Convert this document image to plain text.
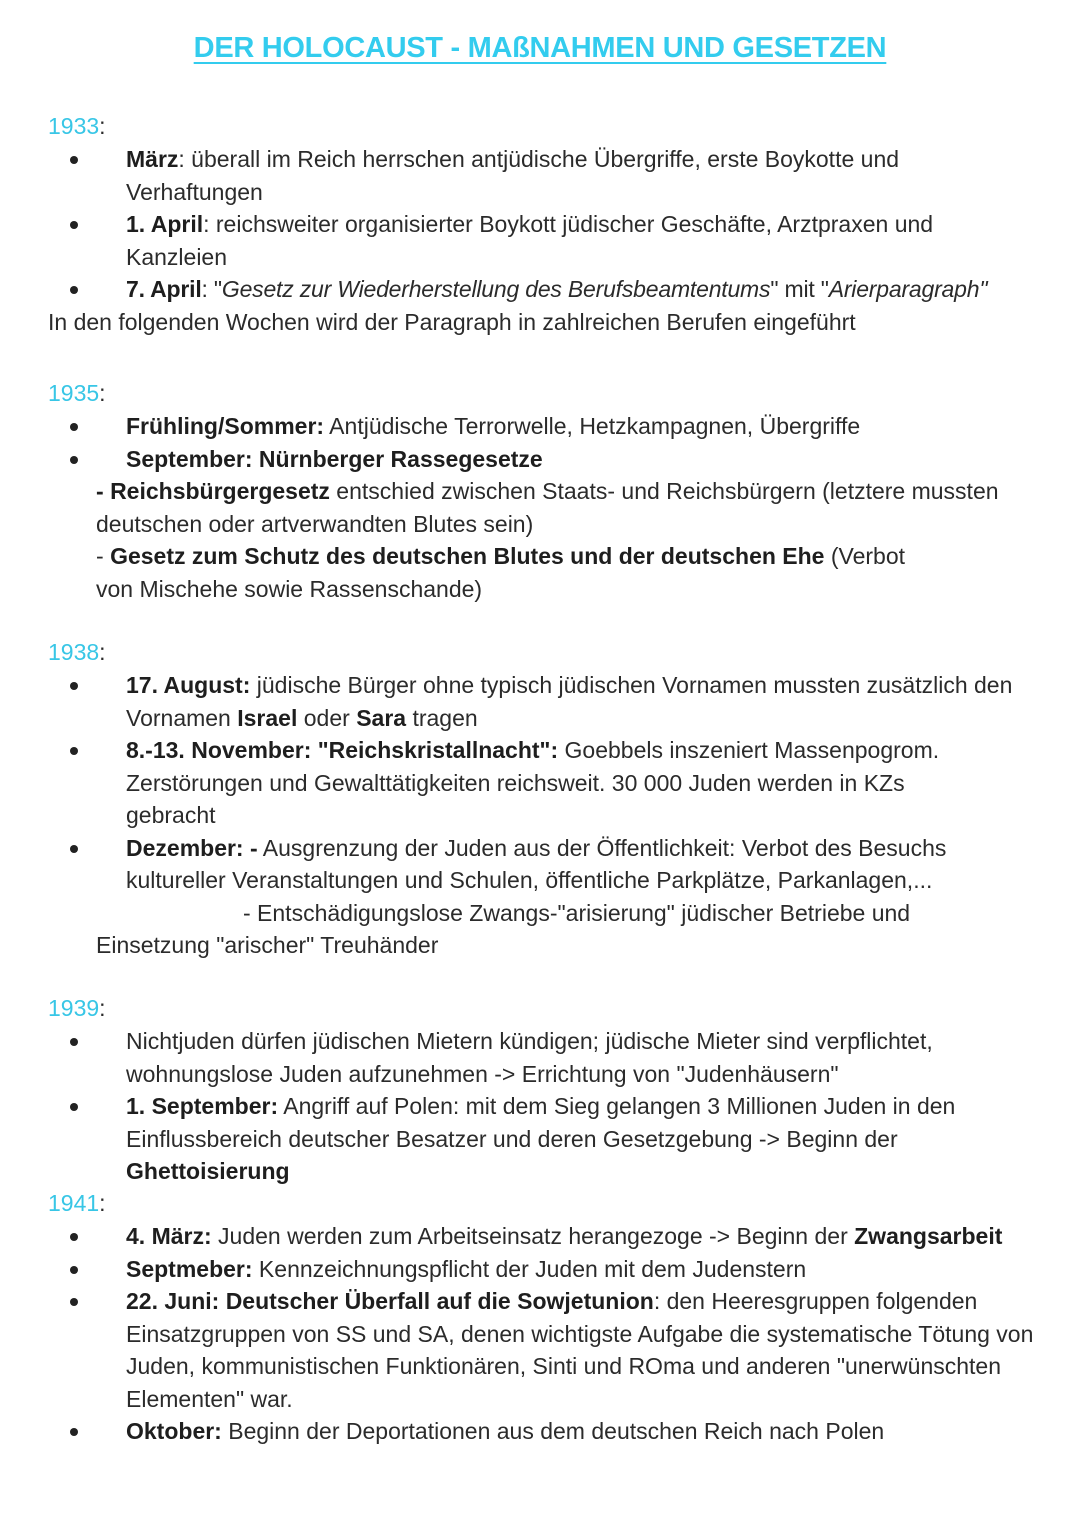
DER HOLOCAUST - MAßNAHMEN UND GESETZEN
1933:
März: überall im Reich herrschen antjüdische Übergriffe, erste Boykotte und Verhaftungen
1. April: reichsweiter organisierter Boykott jüdischer Geschäfte, Arztpraxen und Kanzleien
7. April: "Gesetz zur Wiederherstellung des Berufsbeamtentums" mit "Arierparagraph"
In den folgenden Wochen wird der Paragraph in zahlreichen Berufen eingeführt
1935:
Frühling/Sommer: Antjüdische Terrorwelle, Hetzkampagnen, Übergriffe
September: Nürnberger Rassegesetze
- Reichsbürgergesetz entschied zwischen Staats- und Reichsbürgern (letztere mussten deutschen oder artverwandten Blutes sein)
- Gesetz zum Schutz des deutschen Blutes und der deutschen Ehe (Verbot von Mischehe sowie Rassenschande)
1938:
17. August: jüdische Bürger ohne typisch jüdischen Vornamen mussten zusätzlich den Vornamen Israel oder Sara tragen
8.-13. November: "Reichskristallnacht": Goebbels inszeniert Massenpogrom. Zerstörungen und Gewalttätigkeiten reichsweit. 30 000 Juden werden in KZs gebracht
Dezember: - Ausgrenzung der Juden aus der Öffentlichkeit: Verbot des Besuchs kultureller Veranstaltungen und Schulen, öffentliche Parkplätze, Parkanlagen,...
- Entschädigungslose Zwangs-"arisierung" jüdischer Betriebe und
Einsetzung "arischer" Treuhänder
1939:
Nichtjuden dürfen jüdischen Mietern kündigen; jüdische Mieter sind verpflichtet, wohnungslose Juden aufzunehmen -> Errichtung von "Judenhäusern"
1. September: Angriff auf Polen: mit dem Sieg gelangen 3 Millionen Juden in den Einflussbereich deutscher Besatzer und deren Gesetzgebung -> Beginn der Ghettoisierung
1941:
4. März: Juden werden zum Arbeitseinsatz herangezoge -> Beginn der Zwangsarbeit
Septmeber: Kennzeichnungspflicht der Juden mit dem Judenstern
22. Juni: Deutscher Überfall auf die Sowjetunion: den Heeresgruppen folgenden Einsatzgruppen von SS und SA, denen wichtigste Aufgabe die systematische Tötung von Juden, kommunistischen Funktionären, Sinti und ROma und anderen "unerwünschten Elementen" war.
Oktober: Beginn der Deportationen aus dem deutschen Reich nach Polen
